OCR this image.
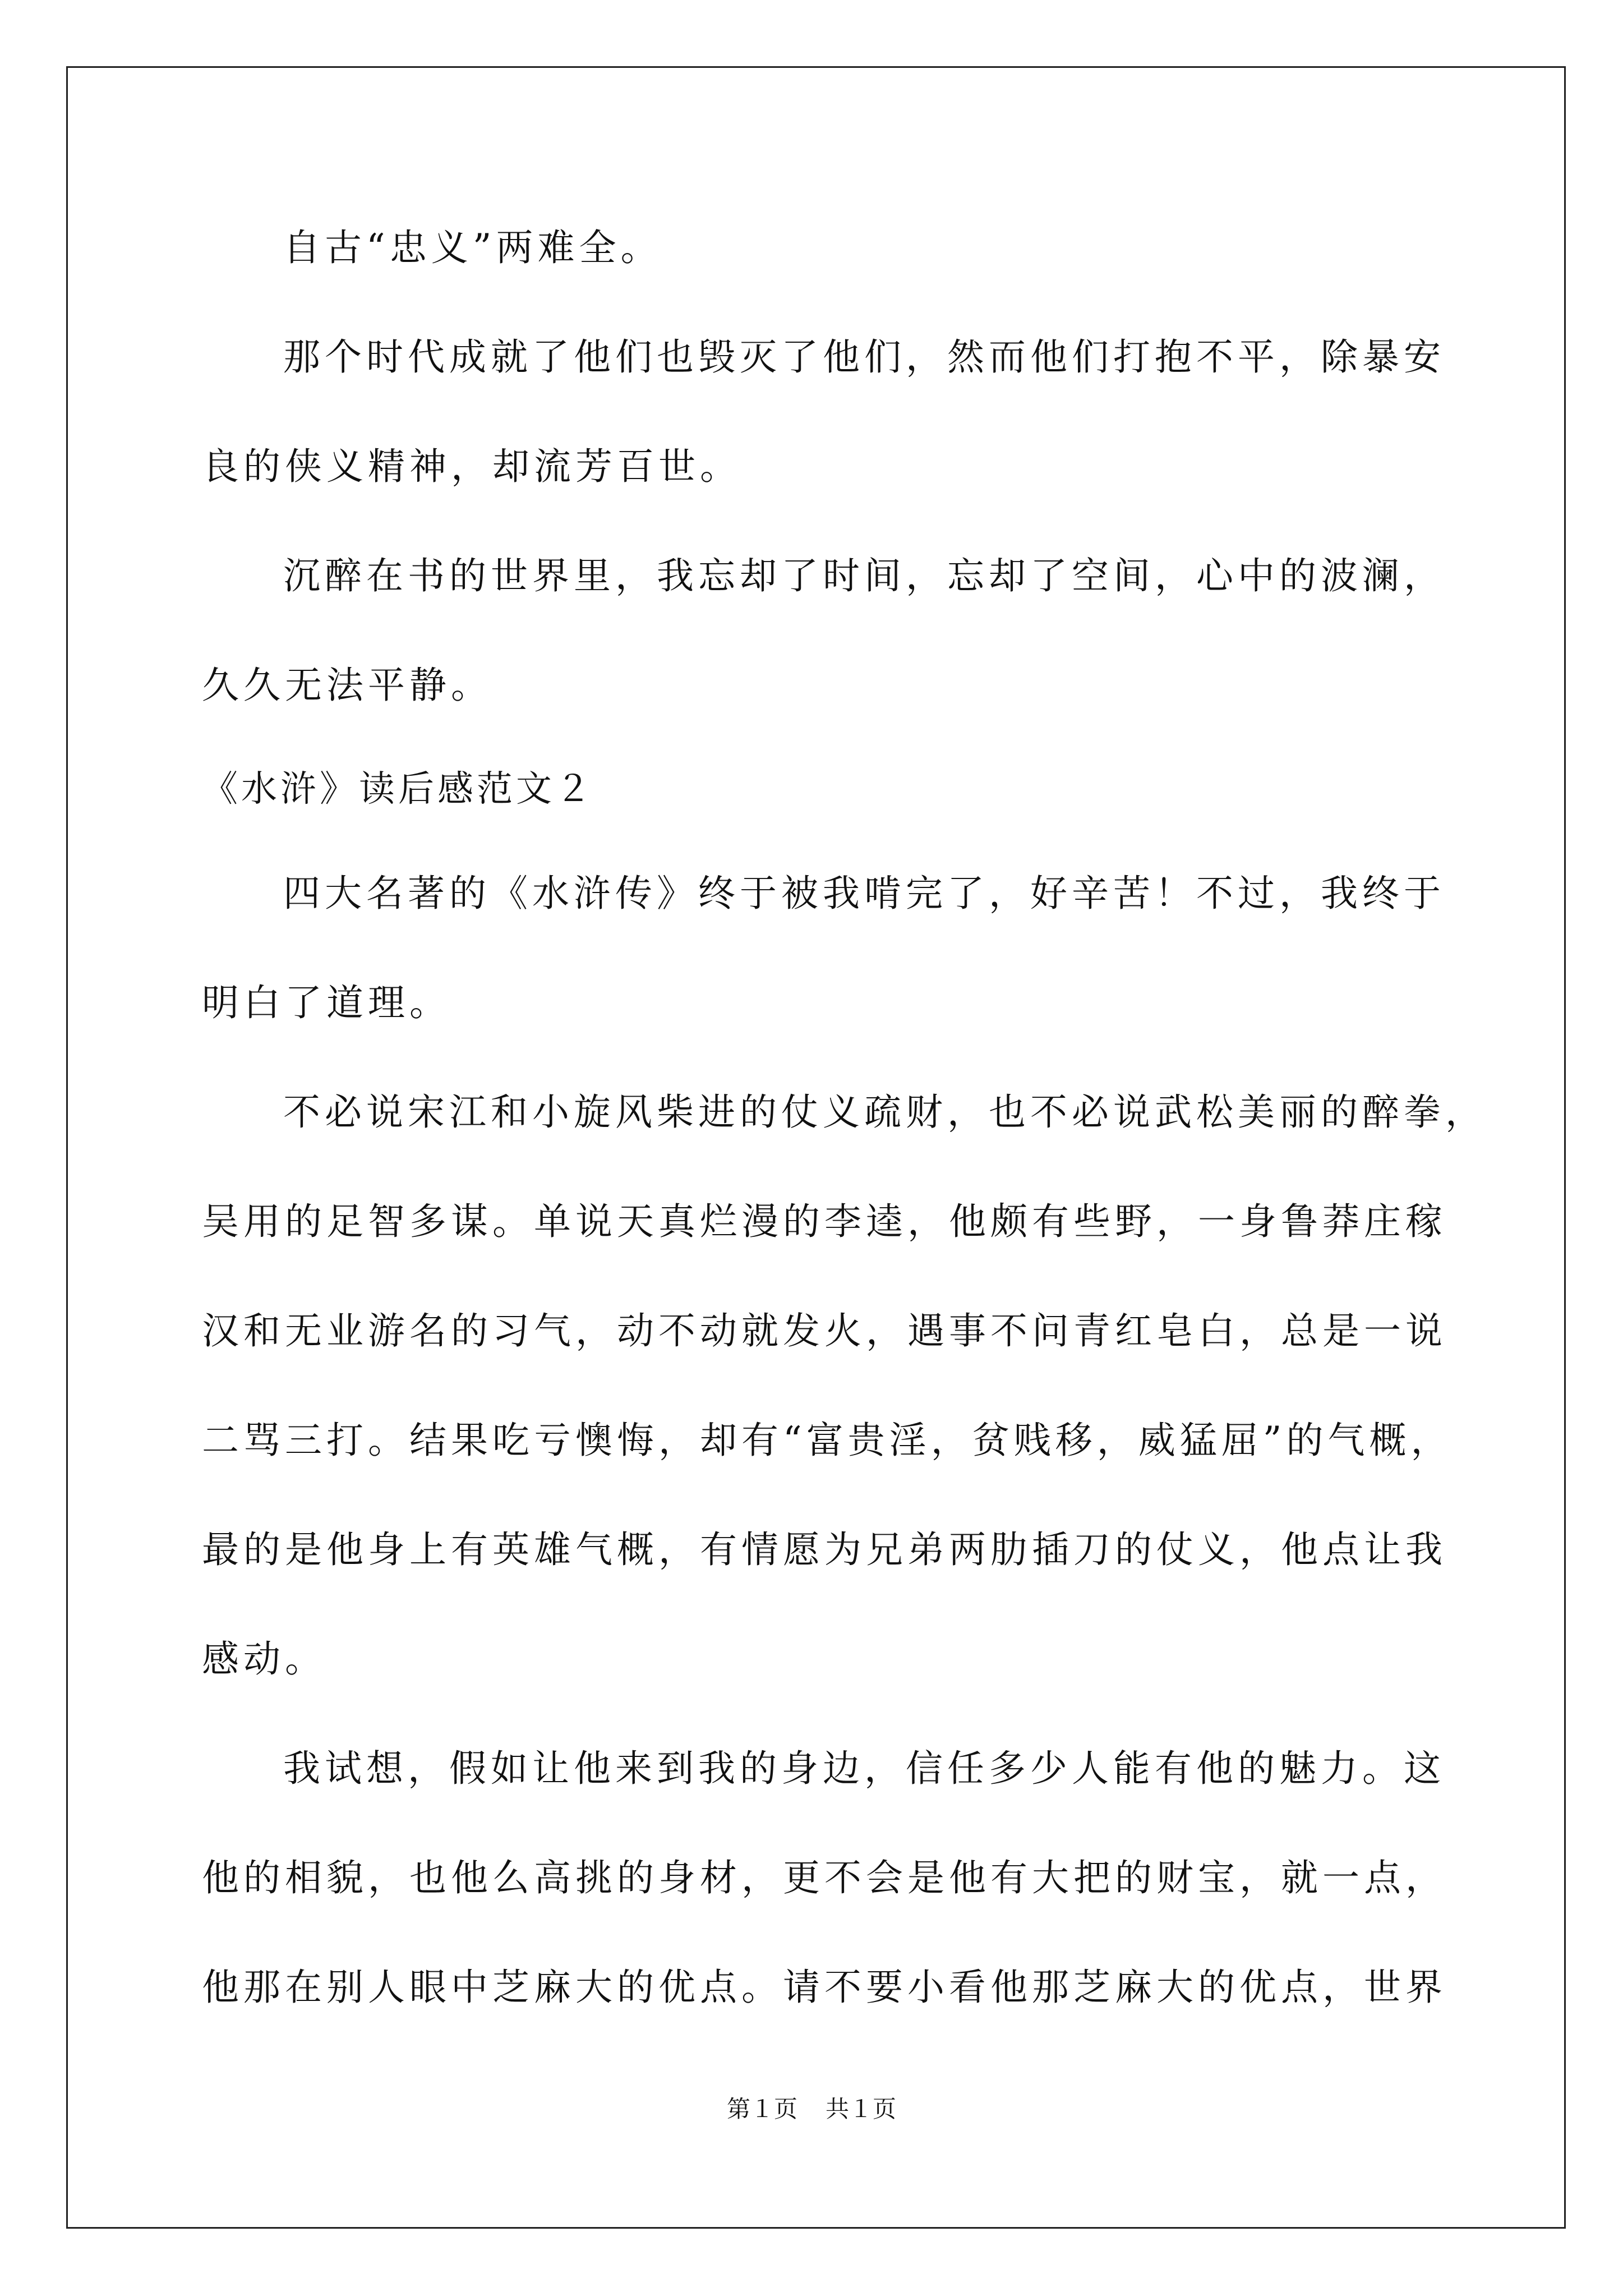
自古“忠义”两难全。
那个时代成就了他们也毁灭了他们，然而他们打抱不平，除暴安
良的侠义精神，却流芳百世。
沉醉在书的世界里，我忘却了时间，忘却了空间，心中的波澜，
久久无法平静。
《水浒》读后感范文２
四大名著的《水浒传》终于被我啃完了，好辛苦！不过，我终于
明白了道理。
不必说宋江和小旋风柴进的仗义疏财，也不必说武松美丽的醉拳，
吴用的足智多谋。单说天真烂漫的李逵，他颇有些野，一身鲁莽庄稼
汉和无业游名的习气，动不动就发火，遇事不问青红皂白，总是一说
二骂三打。结果吃亏懊悔，却有“富贵淫，贫贱移，威猛屈”的气概，
最的是他身上有英雄气概，有情愿为兄弟两肋插刀的仗义，他点让我
感动。
我试想，假如让他来到我的身边，信任多少人能有他的魅力。这
他的相貌，也他么高挑的身材，更不会是他有大把的财宝，就一点，
他那在别人眼中芝麻大的优点。请不要小看他那芝麻大的优点，世界
第１页 共１页
